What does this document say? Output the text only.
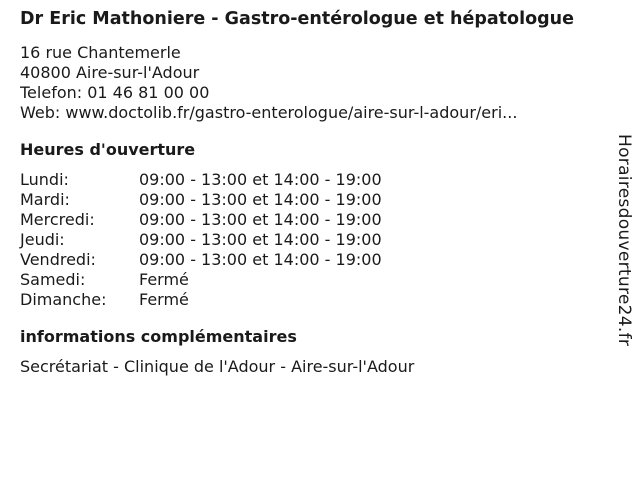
Dr Eric Mathoniere - Gastro-entérologue et hépatologue
16 rue Chantemerle
40800 Aire-sur-l'Adour
Telefon: 01 46 81 00 00
Web: www.doctolib.fr/gastro-enterologue/aire-sur-l-adour/eri...
Heures d'ouverture
Lundi:	09:00 - 13:00 et 14:00 - 19:00
Mardi:	09:00 - 13:00 et 14:00 - 19:00
Mercredi:	09:00 - 13:00 et 14:00 - 19:00
Jeudi:	09:00 - 13:00 et 14:00 - 19:00
Vendredi:	09:00 - 13:00 et 14:00 - 19:00
Samedi:	Fermé
Dimanche:	Fermé
informations complémentaires
Secrétariat - Clinique de l'Adour - Aire-sur-l'Adour
Horairesdouverture24.fr
